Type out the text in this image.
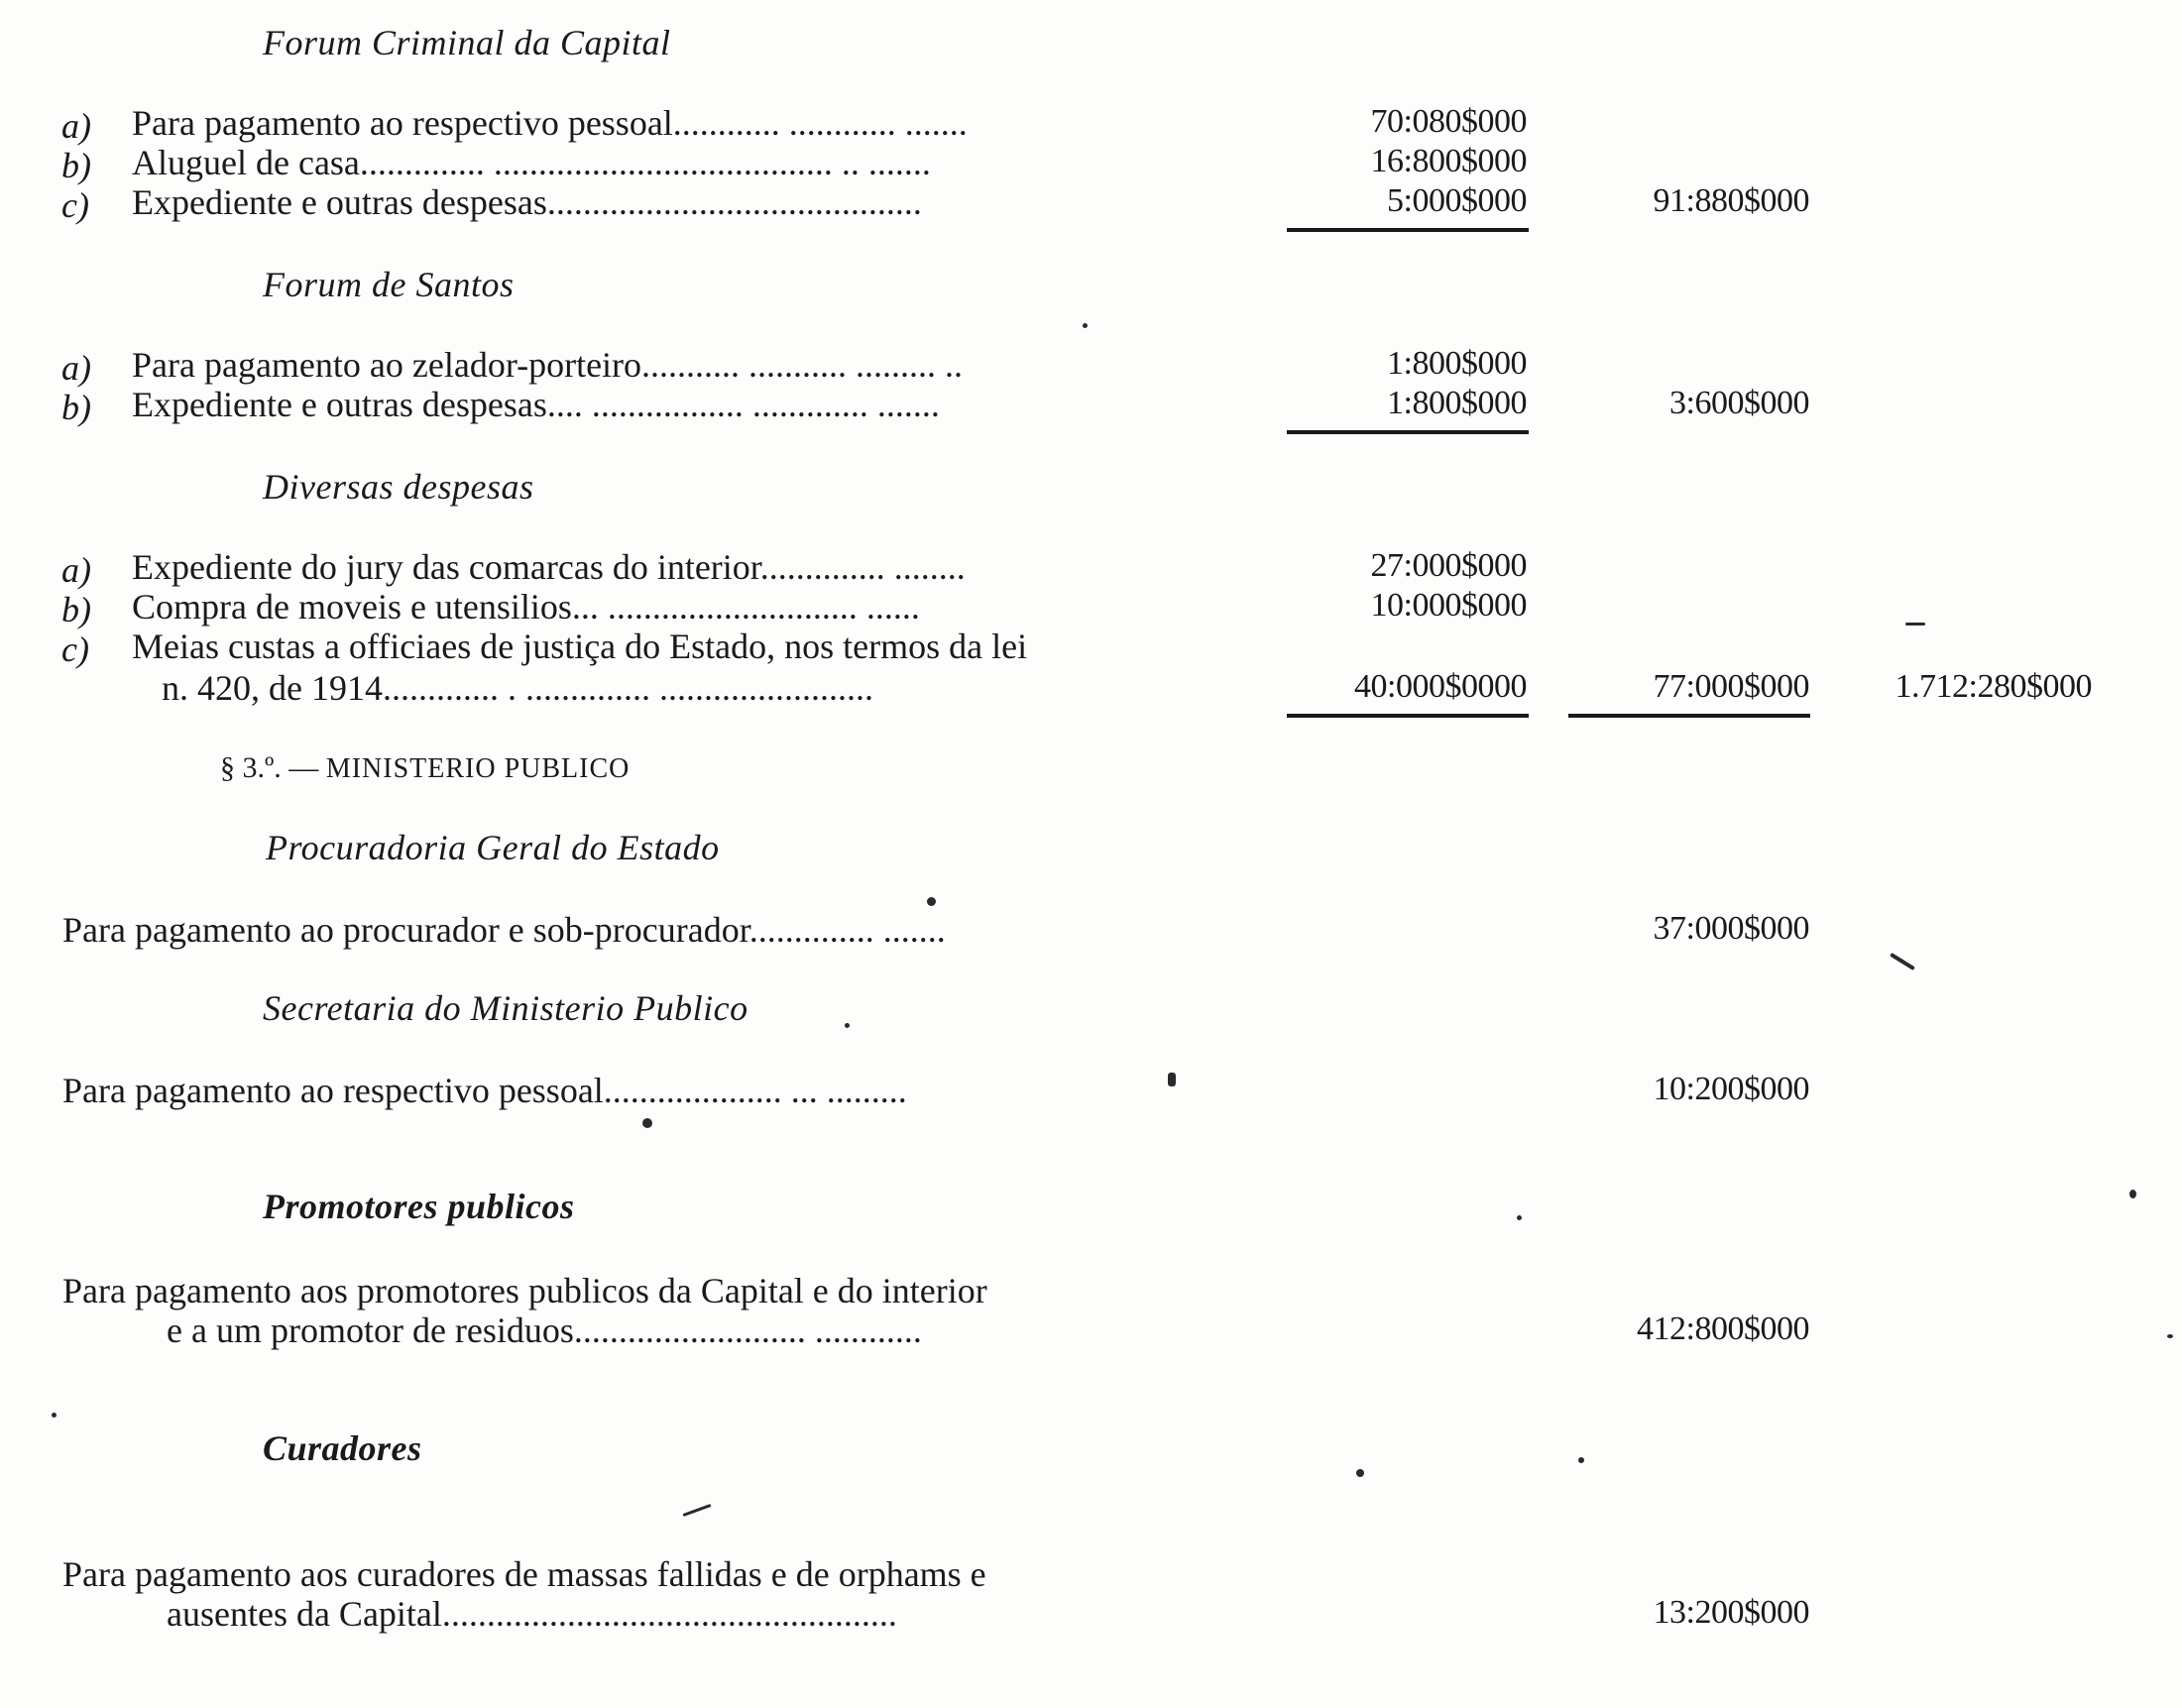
Forum Criminal da Capital
a) Para pagamento ao respectivo pessoal............ ............ .......	70:080$000
b) Aluguel de casa.............. ...................................... .. .......	16:800$000
c) Expediente e outras despesas..........................................	5:000$000	91:880$000
Forum de Santos
a) Para pagamento ao zelador-porteiro........... ........... ......... ..	1:800$000
b) Expediente e outras despesas.... ................. ............. .......	1:800$000	3:600$000
Diversas despesas
a) Expediente do jury das comarcas do interior.............. ........	27:000$000
b) Compra de moveis e utensilios... ............................ ......	10:000$000
c) Meias custas a officiaes de justiça do Estado, nos termos da lei
n. 420, de 1914............. . .............. ........................	40:000$0000	77:000$000	1.712:280$000
§ 3.º. — MINISTERIO PUBLICO
Procuradoria Geral do Estado
Para pagamento ao procurador e sob-procurador.............. .......	37:000$000
Secretaria do Ministerio Publico
Para pagamento ao respectivo pessoal.................... ... .........	10:200$000
Promotores publicos
Para pagamento aos promotores publicos da Capital e do interior
e a um promotor de residuos.......................... ............	412:800$000
Curadores
Para pagamento aos curadores de massas fallidas e de orphams e
ausentes da Capital...................................................	13:200$000
